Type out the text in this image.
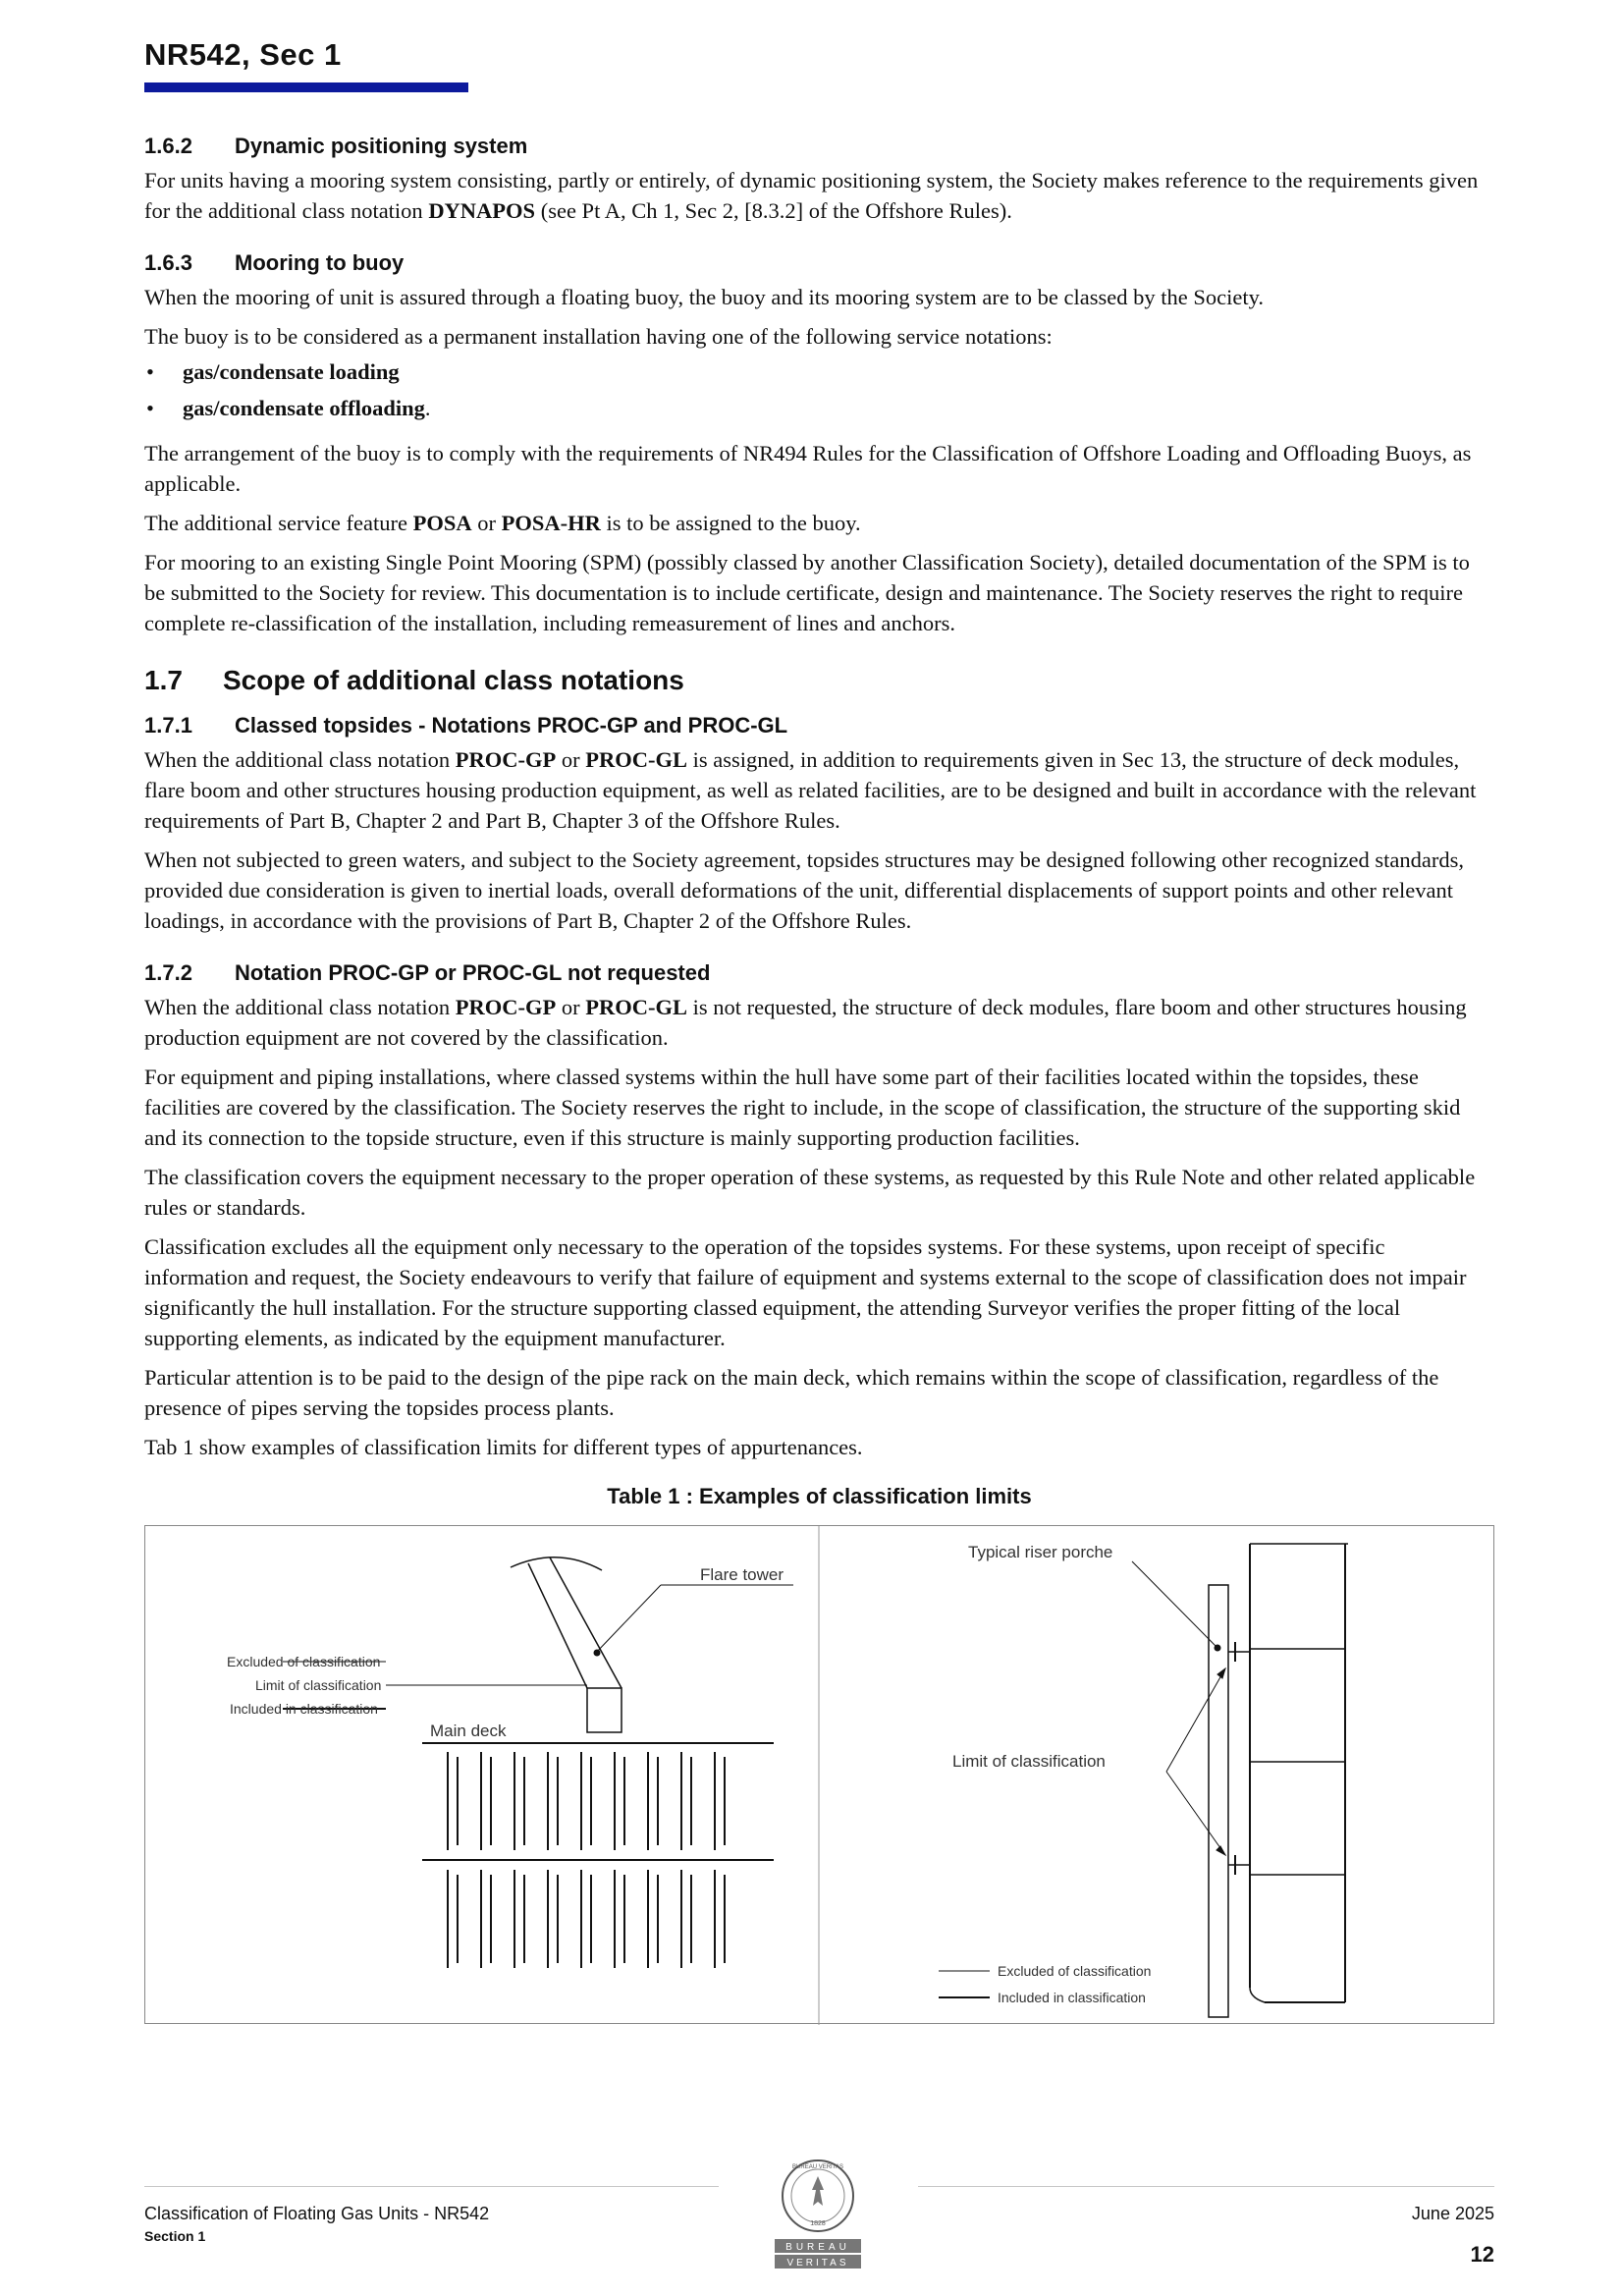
NR542, Sec 1
1.6.2 Dynamic positioning system

For units having a mooring system consisting, partly or entirely, of dynamic positioning system, the Society makes reference to the requirements given for the additional class notation DYNAPOS (see Pt A, Ch 1, Sec 2, [8.3.2] of the Offshore Rules).

1.6.3 Mooring to buoy

When the mooring of unit is assured through a floating buoy, the buoy and its mooring system are to be classed by the Society.

The buoy is to be considered as a permanent installation having one of the following service notations:

• gas/condensate loading
• gas/condensate offloading.

The arrangement of the buoy is to comply with the requirements of NR494 Rules for the Classification of Offshore Loading and Offloading Buoys, as applicable.

The additional service feature POSA or POSA-HR is to be assigned to the buoy.

For mooring to an existing Single Point Mooring (SPM) (possibly classed by another Classification Society), detailed documentation of the SPM is to be submitted to the Society for review. This documentation is to include certificate, design and maintenance. The Society reserves the right to require complete re-classification of the installation, including remeasurement of lines and anchors.

1.7 Scope of additional class notations
1.7.1 Classed topsides - Notations PROC-GP and PROC-GL

When the additional class notation PROC-GP or PROC-GL is assigned, in addition to requirements given in Sec 13, the structure of deck modules, flare boom and other structures housing production equipment, as well as related facilities, are to be designed and built in accordance with the relevant requirements of Part B, Chapter 2 and Part B, Chapter 3 of the Offshore Rules.

When not subjected to green waters, and subject to the Society agreement, topsides structures may be designed following other recognized standards, provided due consideration is given to inertial loads, overall deformations of the unit, differential displacements of support points and other relevant loadings, in accordance with the provisions of Part B, Chapter 2 of the Offshore Rules.

1.7.2 Notation PROC-GP or PROC-GL not requested

When the additional class notation PROC-GP or PROC-GL is not requested, the structure of deck modules, flare boom and other structures housing production equipment are not covered by the classification.

For equipment and piping installations, where classed systems within the hull have some part of their facilities located within the topsides, these facilities are covered by the classification. The Society reserves the right to include, in the scope of classification, the structure of the supporting skid and its connection to the topside structure, even if this structure is mainly supporting production facilities.

The classification covers the equipment necessary to the proper operation of these systems, as requested by this Rule Note and other related applicable rules or standards.

Classification excludes all the equipment only necessary to the operation of the topsides systems. For these systems, upon receipt of specific information and request, the Society endeavours to verify that failure of equipment and systems external to the scope of classification does not impair significantly the hull installation. For the structure supporting classed equipment, the attending Surveyor verifies the proper fitting of the local supporting elements, as indicated by the equipment manufacturer.

Particular attention is to be paid to the design of the pipe rack on the main deck, which remains within the scope of classification, regardless of the presence of pipes serving the topsides process plants.

Tab 1 show examples of classification limits for different types of appurtenances.

Table 1 : Examples of classification limits
Flare tower
Excluded of classification
Limit of classification
Included in classification
Main deck
Typical riser porche
Limit of classification
Excluded of classification
Included in classification
Classification of Floating Gas Units - NR542
Section 1
BUREAU VERITAS
1828
BUREAU
VERITAS
June 2025
12
